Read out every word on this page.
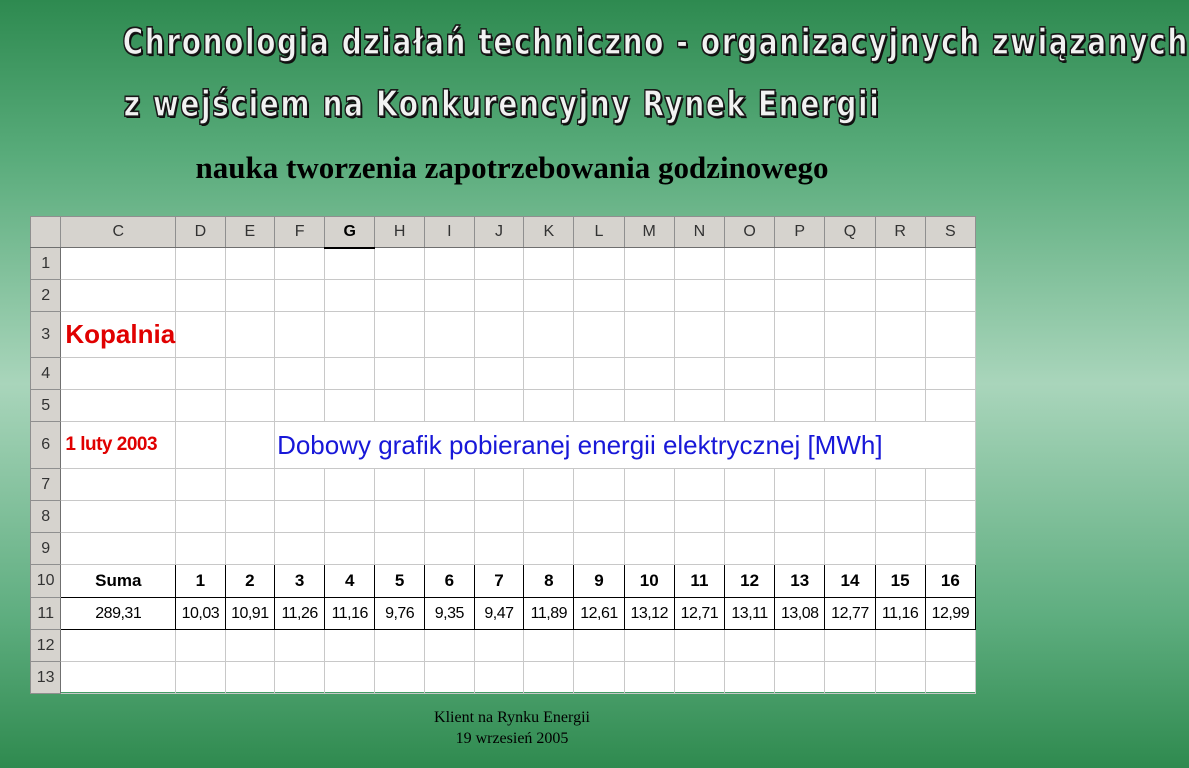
Chronologia działań techniczno - organizacyjnych związanych
z wejściem na Konkurencyjny Rynek Energii
nauka tworzenia zapotrzebowania godzinowego
	C	D	E	F	G	H	I	J	K	L	M	N	O	P	Q	R	S
1																	
2																	
3	Kopalnia																
4																	
5																	
6	1 luty 2003			Dobowy grafik pobieranej energii elektrycznej [MWh]													
7																	
8																	
9																	
10	Suma	1	2	3	4	5	6	7	8	9	10	11	12	13	14	15	16
11	289,31	10,03	10,91	11,26	11,16	9,76	9,35	9,47	11,89	12,61	13,12	12,71	13,11	13,08	12,77	11,16	12,99
12																	
13																	
Klient na Rynku Energii
19 wrzesień 2005
